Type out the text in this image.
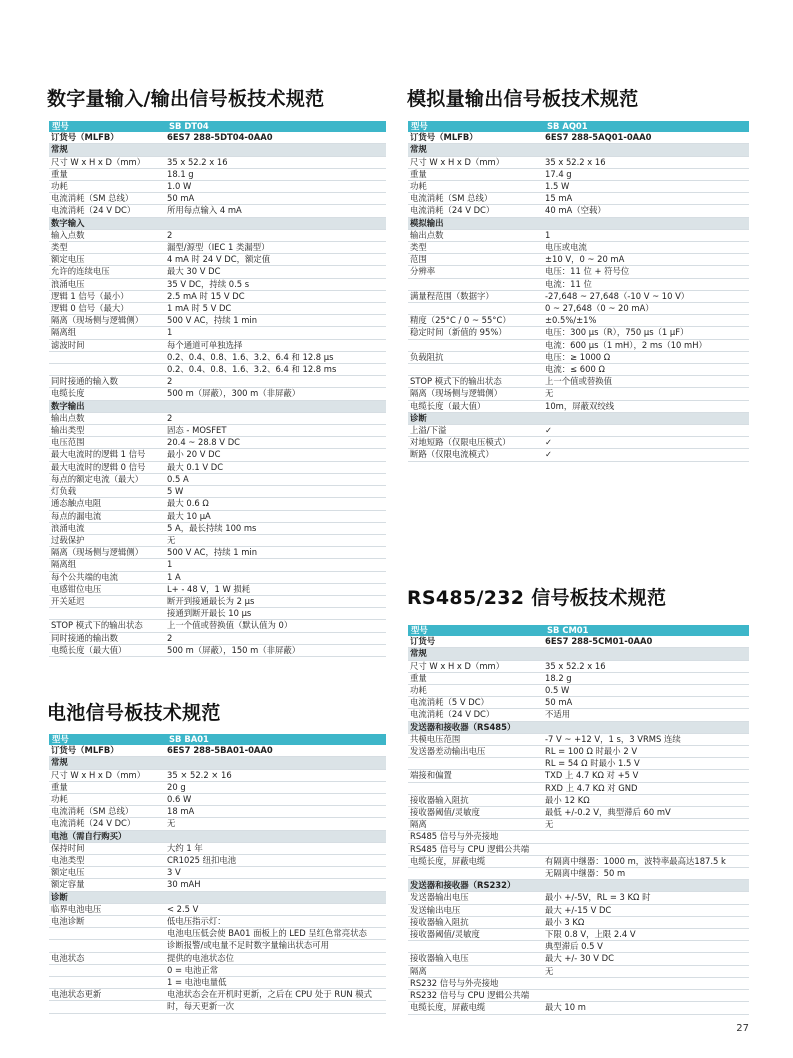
数字量输入/输出信号板技术规范	模拟量输出信号板技术规范
电池信号板技术规范
RS485/232 信号板技术规范
型号	SB DT04
订货号（MLFB）	6ES7 288-5DT04-0AA0
常规
尺寸 W x H x D（mm）	35 x 52.2 x 16
重量	18.1 g
功耗	1.0 W
电流消耗（SM 总线）	50 mA
电流消耗（24 V DC）	所用每点输入 4 mA
数字输入
输入点数	2
类型	漏型/源型（IEC 1 类漏型）
额定电压	4 mA 时 24 V DC，额定值
允许的连续电压	最大 30 V DC
浪涌电压	35 V DC，持续 0.5 s
逻辑 1 信号（最小）	2.5 mA 时 15 V DC
逻辑 0 信号（最大）	1 mA 时 5 V DC
隔离（现场侧与逻辑侧）	500 V AC，持续 1 min
隔离组	1
滤波时间	每个通道可单独选择
0.2、0.4、0.8、1.6、3.2、6.4 和 12.8 μs
0.2、0.4、0.8、1.6、3.2、6.4 和 12.8 ms
同时接通的输入数	2
电缆长度	500 m（屏蔽），300 m（非屏蔽）
数字输出
输出点数	2
输出类型	固态 - MOSFET
电压范围	20.4 ~ 28.8 V DC
最大电流时的逻辑 1 信号	最小 20 V DC
最大电流时的逻辑 0 信号	最大 0.1 V DC
每点的额定电流（最大）	0.5 A
灯负载	5 W
通态触点电阻	最大 0.6 Ω
每点的漏电流	最大 10 μA
浪涌电流	5 A，最长持续 100 ms
过载保护	无
隔离（现场侧与逻辑侧）	500 V AC，持续 1 min
隔离组	1
每个公共端的电流	1 A
电感钳位电压	L+ - 48 V，1 W 损耗
开关延迟	断开到接通最长为 2 μs
接通到断开最长 10 μs
STOP 模式下的输出状态	上一个值或替换值（默认值为 0）
同时接通的输出数	2
电缆长度（最大值）	500 m（屏蔽），150 m（非屏蔽）
型号	SB AQ01
订货号（MLFB）	6ES7 288-5AQ01-0AA0
常规
尺寸 W x H x D（mm）	35 x 52.2 x 16
重量	17.4 g
功耗	1.5 W
电流消耗（SM 总线）	15 mA
电流消耗（24 V DC）	40 mA（空载）
模拟输出
输出点数	1
类型	电压或电流
范围	±10 V，0 ~ 20 mA
分辨率	电压：11 位 + 符号位
电流：11 位
满量程范围（数据字）	-27,648 ~ 27,648（-10 V ~ 10 V）
0 ~ 27,648（0 ~ 20 mA）
精度（25°C / 0 ~ 55°C）	±0.5%/±1%
稳定时间（新值的 95%）	电压：300 μs（R），750 μs（1 μF）
电流：600 μs（1 mH），2 ms（10 mH）
负载阻抗	电压：≥ 1000 Ω
电流：≤ 600 Ω
STOP 模式下的输出状态	上一个值或替换值
隔离（现场侧与逻辑侧）	无
电缆长度（最大值）	10m，屏蔽双绞线
诊断
上溢/下溢	✓
对地短路（仅限电压模式）	✓
断路（仅限电流模式）	✓
型号	SB CM01
订货号	6ES7 288-5CM01-0AA0
常规
尺寸 W x H x D（mm）	35 x 52.2 x 16
重量	18.2 g
功耗	0.5 W
电流消耗（5 V DC）	50 mA
电流消耗（24 V DC）	不适用
发送器和接收器（RS485）
共模电压范围	-7 V ~ +12 V，1 s，3 VRMS 连续
发送器差动输出电压	RL = 100 Ω 时最小 2 V
RL = 54 Ω 时最小 1.5 V
端接和偏置	TXD 上 4.7 KΩ 对 +5 V
RXD 上 4.7 KΩ 对 GND
接收器输入阻抗	最小 12 KΩ
接收器阈值/灵敏度	最低 +/-0.2 V，典型滞后 60 mV
隔离	无
RS485 信号与外壳接地
RS485 信号与 CPU 逻辑公共端
电缆长度，屏蔽电缆	有隔离中继器：1000 m，波特率最高达187.5 k
无隔离中继器：50 m
发送器和接收器（RS232）
发送器输出电压	最小 +/-5V，RL = 3 KΩ 时
发送输出电压	最大 +/-15 V DC
接收器输入阻抗	最小 3 KΩ
接收器阈值/灵敏度	下限 0.8 V，上限 2.4 V
典型滞后 0.5 V
接收器输入电压	最大 +/- 30 V DC
隔离	无
RS232 信号与外壳接地
RS232 信号与 CPU 逻辑公共端
电缆长度，屏蔽电缆	最大 10 m
型号	SB BA01
订货号（MLFB）	6ES7 288-5BA01-0AA0
常规
尺寸 W x H x D（mm）	35 × 52.2 × 16
重量	20 g
功耗	0.6 W
电流消耗（SM 总线）	18 mA
电流消耗（24 V DC）	无
电池（需自行购买）
保持时间	大约 1 年
电池类型	CR1025 纽扣电池
额定电压	3 V
额定容量	30 mAH
诊断
临界电池电压	< 2.5 V
电池诊断	低电压指示灯：
电池电压低会使 BA01 面板上的 LED 呈红色常亮状态
诊断报警/或电量不足时数字量输出状态可用
电池状态	提供的电池状态位
0 = 电池正常
1 = 电池电量低
电池状态更新	电池状态会在开机时更新，之后在 CPU 处于 RUN 模式
时，每天更新一次
27
